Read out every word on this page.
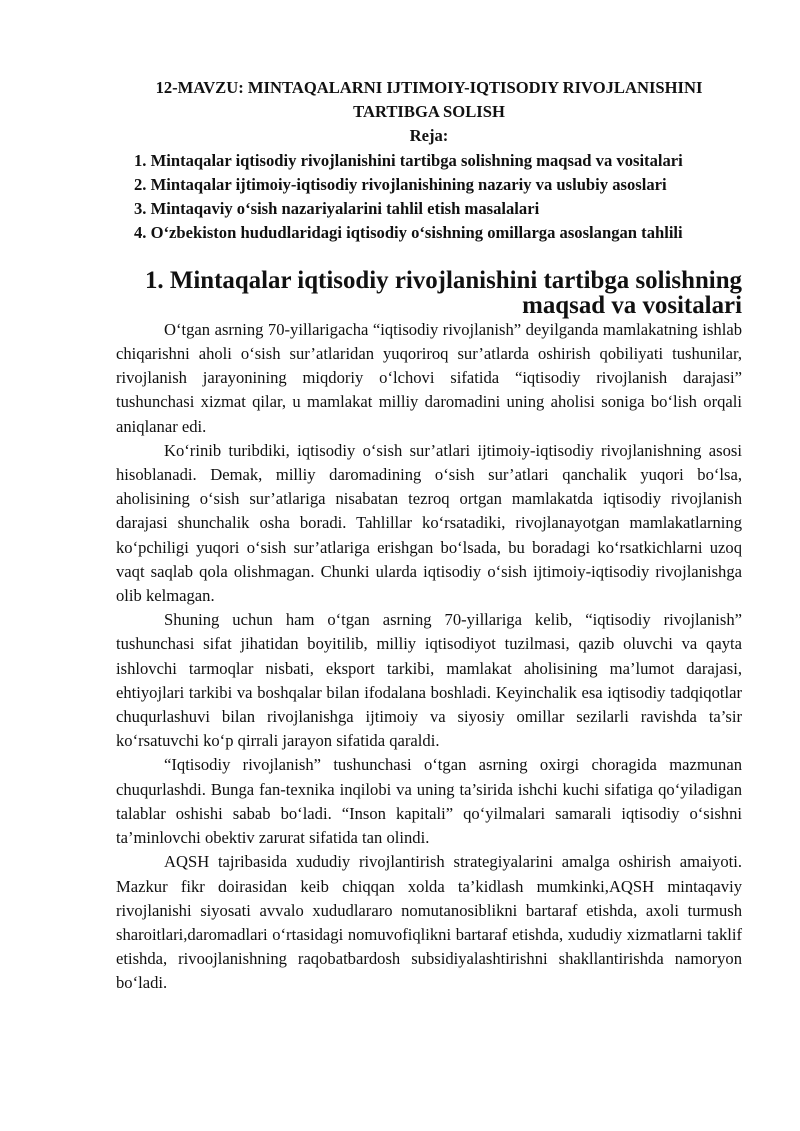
12-MAVZU: MINTAQALARNI IJTIMOIY-IQTISODIY RIVOJLANISHINI
TARTIBGA SOLISH

Reja:

1. Mintaqalar iqtisodiy rivojlanishini tartibga solishning maqsad va vositalari
2. Mintaqalar ijtimoiy-iqtisodiy rivojlanishining nazariy va uslubiy asoslari
3. Mintaqaviy o‘sish nazariyalarini tahlil etish masalalari
4. O‘zbekiston hududlaridagi iqtisodiy o‘sishning omillarga asoslangan tahlili
1. Mintaqalar iqtisodiy rivojlanishini tartibga solishning maqsad va vositalari

O‘tgan asrning 70-yillarigacha “iqtisodiy rivojlanish” deyilganda mamlakatning ishlab chiqarishni aholi o‘sish sur’atlaridan yuqoriroq sur’atlarda oshirish qobiliyati tushunilar, rivojlanish jarayonining miqdoriy o‘lchovi sifatida “iqtisodiy rivojlanish darajasi” tushunchasi xizmat qilar, u mamlakat milliy daromadini uning aholisi soniga bo‘lish orqali aniqlanar edi.

Ko‘rinib turibdiki, iqtisodiy o‘sish sur’atlari ijtimoiy-iqtisodiy rivojlanishning asosi hisoblanadi. Demak, milliy daromadining o‘sish sur’atlari qanchalik yuqori bo‘lsa, aholisining o‘sish sur’atlariga nisabatan tezroq ortgan mamlakatda iqtisodiy rivojlanish darajasi shunchalik osha boradi. Tahlillar ko‘rsatadiki, rivojlanayotgan mamlakatlarning ko‘pchiligi yuqori o‘sish sur’atlariga erishgan bo‘lsada, bu boradagi ko‘rsatkichlarni uzoq vaqt saqlab qola olishmagan. Chunki ularda iqtisodiy o‘sish ijtimoiy-iqtisodiy rivojlanishga olib kelmagan.

Shuning uchun ham o‘tgan asrning 70-yillariga kelib, “iqtisodiy rivojlanish” tushunchasi sifat jihatidan boyitilib, milliy iqtisodiyot tuzilmasi, qazib oluvchi va qayta ishlovchi tarmoqlar nisbati, eksport tarkibi, mamlakat aholisining ma’lumot darajasi, ehtiyojlari tarkibi va boshqalar bilan ifodalana boshladi. Keyinchalik esa iqtisodiy tadqiqotlar chuqurlashuvi bilan rivojlanishga ijtimoiy va siyosiy omillar sezilarli ravishda ta’sir ko‘rsatuvchi ko‘p qirrali jarayon sifatida qaraldi.

“Iqtisodiy rivojlanish” tushunchasi o‘tgan asrning oxirgi choragida mazmunan chuqurlashdi. Bunga fan-texnika inqilobi va uning ta’sirida ishchi kuchi sifatiga qo‘yiladigan talablar oshishi sabab bo‘ladi. “Inson kapitali” qo‘yilmalari samarali iqtisodiy o‘sishni ta’minlovchi obektiv zarurat sifatida tan olindi.

AQSH tajribasida xududiy rivojlantirish strategiyalarini amalga oshirish amaiyoti. Mazkur fikr doirasidan keib chiqqan xolda ta’kidlash mumkinki,AQSH mintaqaviy rivojlanishi siyosati avvalo xududlararo nomutanosiblikni bartaraf etishda, axoli turmush sharoitlari,daromadlari o‘rtasidagi nomuvofiqlikni bartaraf etishda, xududiy xizmatlarni taklif etishda, rivoojlanishning raqobatbardosh subsidiyalashtirishni shakllantirishda namoryon bo‘ladi.
